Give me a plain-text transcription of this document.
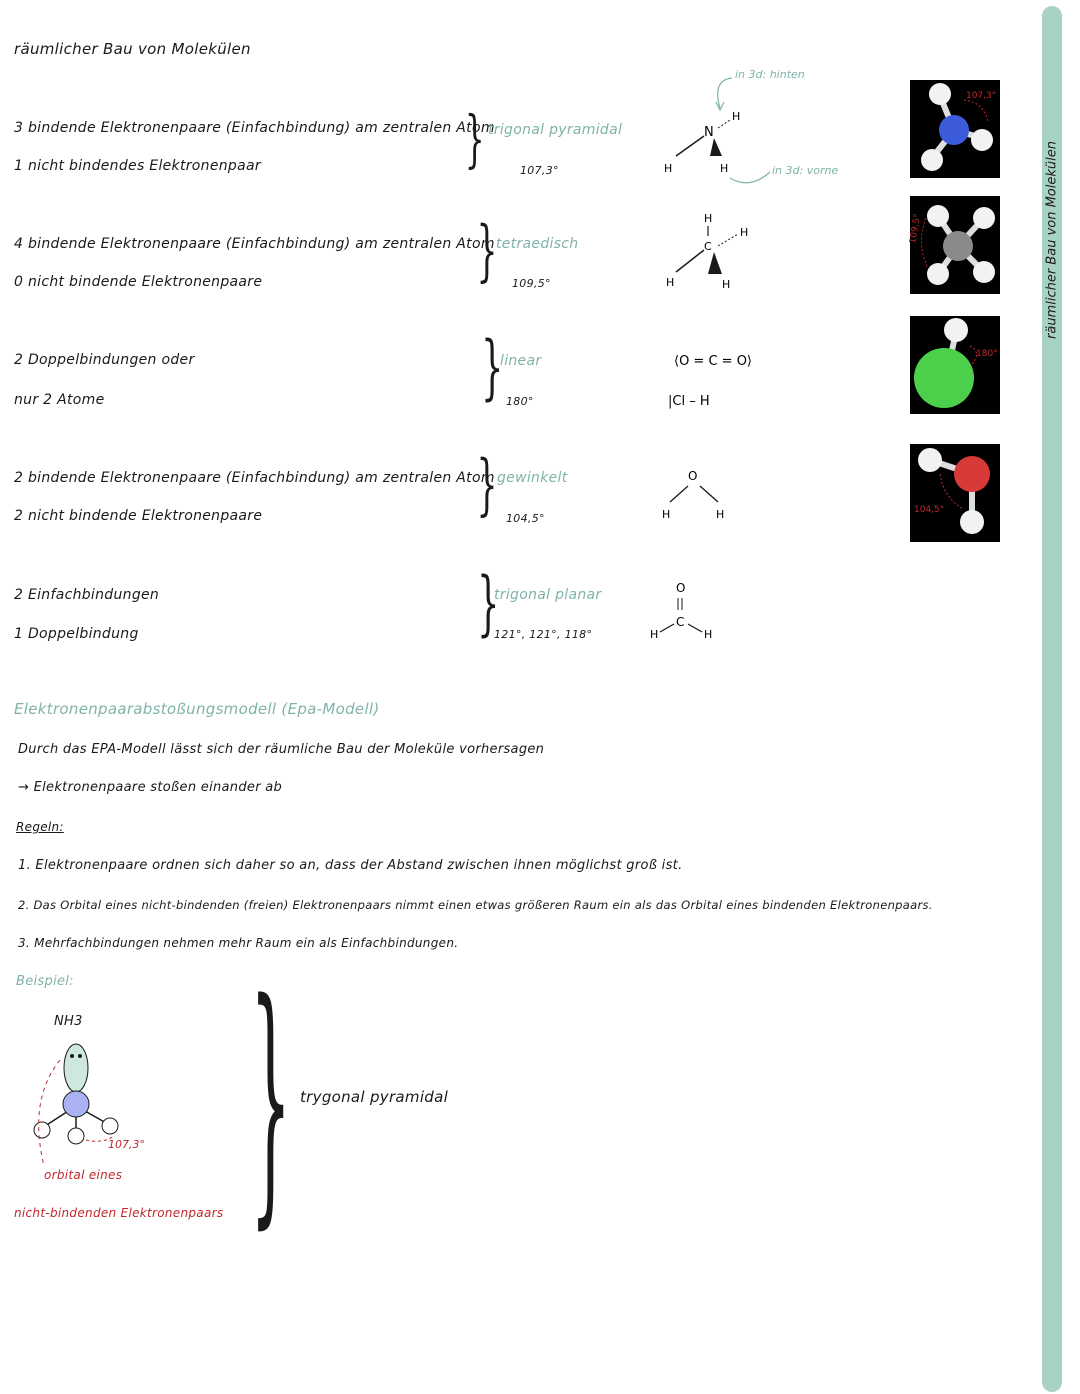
räumlicher Bau von Molekülen
räumlicher Bau von Molekülen
3 bindende Elektronenpaare (Einfachbindung) am zentralen Atom
1 nicht bindendes Elektronenpaar	} trigonal pyramidal
107,3°
4 bindende Elektronenpaare (Einfachbindung) am zentralen Atom
0 nicht bindende Elektronenpaare	}
tetraedisch
109,5°
2 Doppelbindungen oder
nur 2 Atome	}
linear
180°
2 bindende Elektronenpaare (Einfachbindung) am zentralen Atom
2 nicht bindende Elektronenpaare	} gewinkelt
104,5°
2 Einfachbindungen
1 Doppelbindung	}
trigonal planar
121°, 121°, 118°
in 3d: hinten
N
H
H	H	in 3d: vorne
H
C
H
H	H
⟨O = C = O⟩
|Cl – H
O
H	H
O
C
H	H
107,3°
109,5°
180°
104,5°
Elektronenpaarabstoßungsmodell (Epa-Modell)
Durch das EPA-Modell lässt sich der räumliche Bau der Moleküle vorhersagen
→ Elektronenpaare stoßen einander ab
Regeln:
1. Elektronenpaare ordnen sich daher so an, dass der Abstand zwischen ihnen möglichst groß ist.
2. Das Orbital eines nicht-bindenden (freien) Elektronenpaars nimmt einen etwas größeren Raum ein als das Orbital eines bindenden Elektronenpaars.
3. Mehrfachbindungen nehmen mehr Raum ein als Einfachbindungen.
Beispiel:
NH3
107,3°
orbital eines
nicht-bindenden Elektronenpaars } trygonal pyramidal
